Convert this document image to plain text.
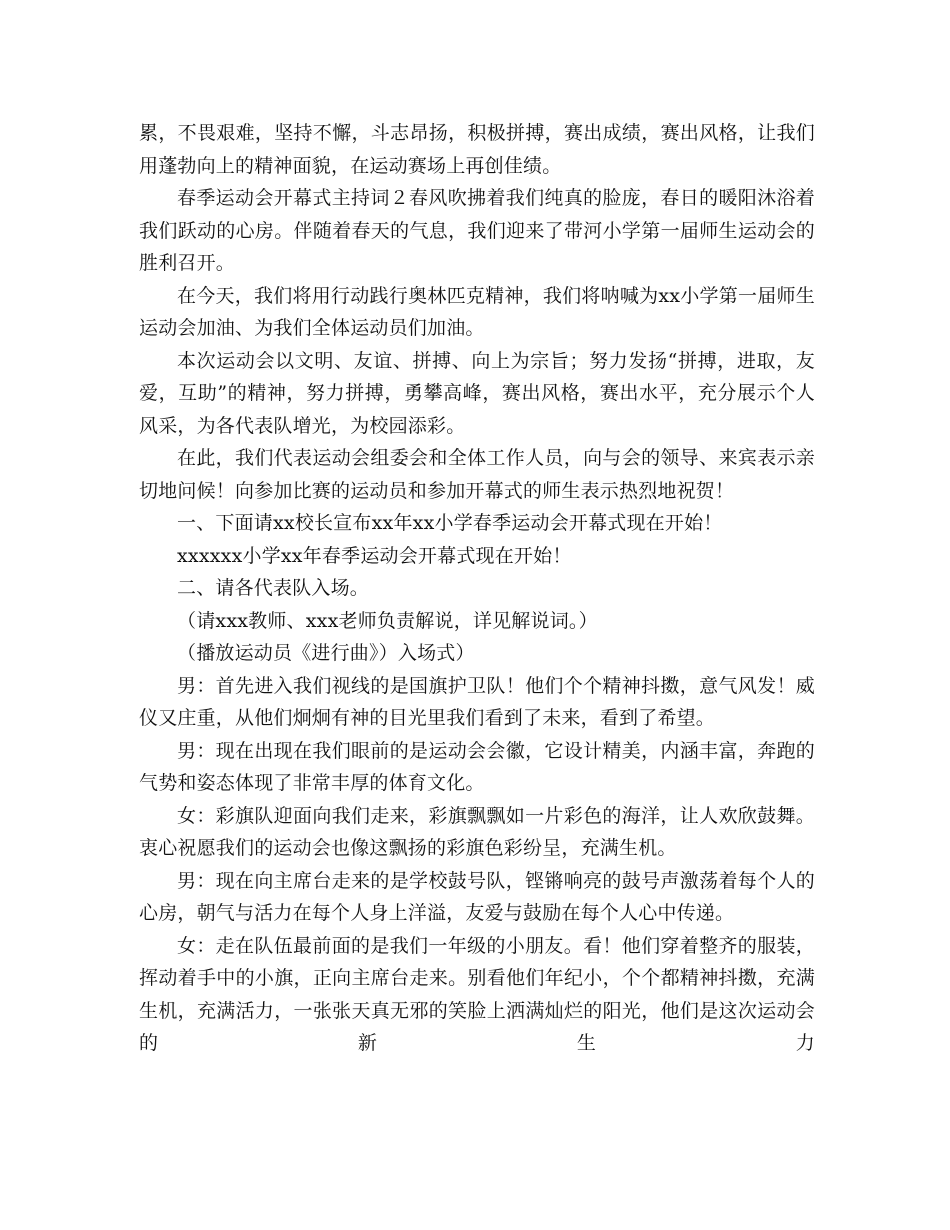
累，不畏艰难，坚持不懈，斗志昂扬，积极拼搏，赛出成绩，赛出风格，让我们用蓬勃向上的精神面貌，在运动赛场上再创佳绩。

春季运动会开幕式主持词２春风吹拂着我们纯真的脸庞，春日的暖阳沐浴着我们跃动的心房。伴随着春天的气息，我们迎来了带河小学第一届师生运动会的胜利召开。

在今天，我们将用行动践行奥林匹克精神，我们将呐喊为xx小学第一届师生运动会加油、为我们全体运动员们加油。

本次运动会以文明、友谊、拼搏、向上为宗旨；努力发扬“拼搏，进取，友爱，互助”的精神，努力拼搏，勇攀高峰，赛出风格，赛出水平，充分展示个人风采，为各代表队增光，为校园添彩。

在此，我们代表运动会组委会和全体工作人员，向与会的领导、来宾表示亲切地问候！向参加比赛的运动员和参加开幕式的师生表示热烈地祝贺！

一、下面请xx校长宣布xx年xx小学春季运动会开幕式现在开始！

xxxxxx小学xx年春季运动会开幕式现在开始！

二、请各代表队入场。

（请xxx教师、xxx老师负责解说，详见解说词。）

（播放运动员《进行曲》）入场式）

男：首先进入我们视线的是国旗护卫队！他们个个精神抖擞，意气风发！威仪又庄重，从他们炯炯有神的目光里我们看到了未来，看到了希望。

男：现在出现在我们眼前的是运动会会徽，它设计精美，内涵丰富，奔跑的气势和姿态体现了非常丰厚的体育文化。

女：彩旗队迎面向我们走来，彩旗飘飘如一片彩色的海洋，让人欢欣鼓舞。衷心祝愿我们的运动会也像这飘扬的彩旗色彩纷呈，充满生机。

男：现在向主席台走来的是学校鼓号队，铿锵响亮的鼓号声激荡着每个人的心房，朝气与活力在每个人身上洋溢，友爱与鼓励在每个人心中传递。

女：走在队伍最前面的是我们一年级的小朋友。看！他们穿着整齐的服装，挥动着手中的小旗，正向主席台走来。别看他们年纪小，个个都精神抖擞，充满生机，充满活力，一张张天真无邪的笑脸上洒满灿烂的阳光，他们是这次运动会的新生力
